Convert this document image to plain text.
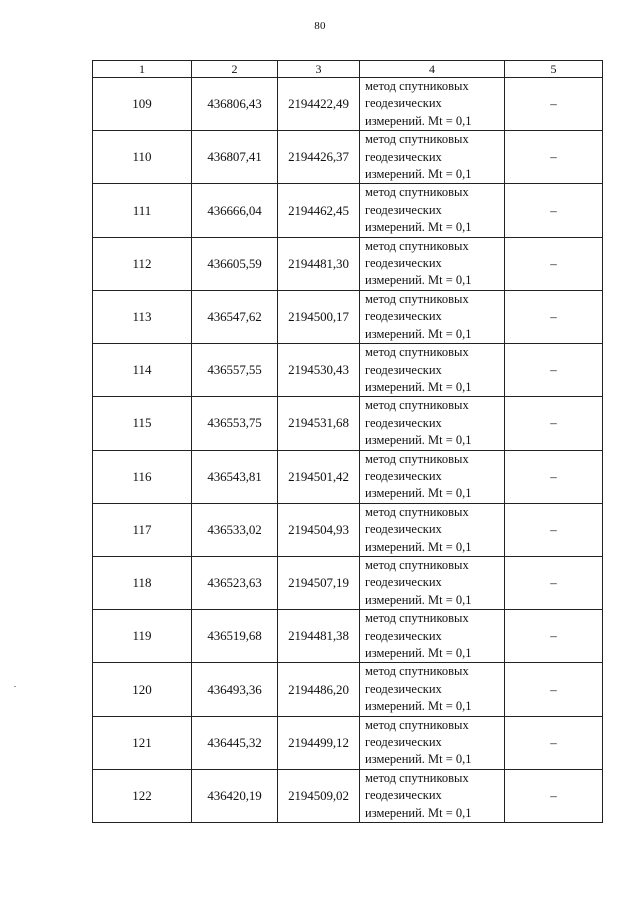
80
1	2	3	4	5
109	436806,43	2194422,49	метод спутниковых
геодезических
измерений. Mt = 0,1	–
110	436807,41	2194426,37	метод спутниковых
геодезических
измерений. Mt = 0,1	–
111	436666,04	2194462,45	метод спутниковых
геодезических
измерений. Mt = 0,1	–
112	436605,59	2194481,30	метод спутниковых
геодезических
измерений. Mt = 0,1	–
113	436547,62	2194500,17	метод спутниковых
геодезических
измерений. Mt = 0,1	–
114	436557,55	2194530,43	метод спутниковых
геодезических
измерений. Mt = 0,1	–
115	436553,75	2194531,68	метод спутниковых
геодезических
измерений. Mt = 0,1	–
116	436543,81	2194501,42	метод спутниковых
геодезических
измерений. Mt = 0,1	–
117	436533,02	2194504,93	метод спутниковых
геодезических
измерений. Mt = 0,1	–
118	436523,63	2194507,19	метод спутниковых
геодезических
измерений. Mt = 0,1	–
119	436519,68	2194481,38	метод спутниковых
геодезических
измерений. Mt = 0,1	–
120	436493,36	2194486,20	метод спутниковых
геодезических
измерений. Mt = 0,1	–
121	436445,32	2194499,12	метод спутниковых
геодезических
измерений. Mt = 0,1	–
122	436420,19	2194509,02	метод спутниковых
геодезических
измерений. Mt = 0,1	–
